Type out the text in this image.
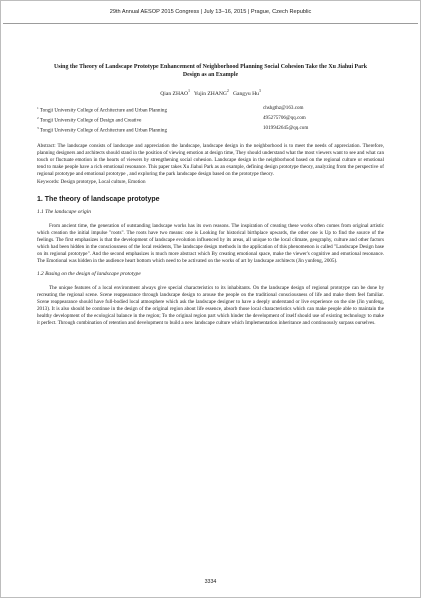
29th Annual AESOP 2015 Congress | July 13–16, 2015 | Prague, Czech Republic
Using the Theory of Landscape Prototype Enhancement of Neighborhood Planning Social Cohesion Take the Xu Jiahui Park Design as an Example
Qian ZHAO$^1$ Yujin ZHANG$^2$ Gangyu Hu$^3$
$^1$ Tongji University College of Architecture and Urban Planning	chshgthz@163.com
$^2$ Tongji University College of Design and Creative	495275706@qq.com
$^3$ Tongji University College of Architecture and Urban Planning	1019942645@qq.com
Abstract: The landscape consists of landscape and appreciation the landscape, landscape design in the neighborhood is to meet the needs of appreciation. Therefore, planning designers and architects should stand in the position of viewing emotion at design time, They should understand what the most viewers want to see and what can touch or fluctuate emotion in the hearts of viewers by strengthening social cohesion. Landscape design in the neighborhood based on the regional culture or emotional tend to make people have a rich emotional resonance. This paper takes Xu Jiahui Park as an example, defining design prototype theory, analyzing from the perspective of regional prototype and emotional prototype , and exploring the park landscape design based on the prototype theory.
Keywords: Design prototype, Local culture, Emotion
1. The theory of landscape prototype
1.1 The landscape origin

From ancient time, the generation of outstanding landscape works has its own reasons. The inspiration of creating these works often comes from original artistic which creation the initial impulse "roots". The roots have two means: one is Looking for historical birthplace upwards, the other one is Up to find the source of the feelings. The first emphasizes is that the development of landscape evolution influenced by its areas, all unique to the local climate, geography, culture and other factors which had been hidden in the consciousness of the local residents, The landscape design methods in the application of this phenomenon is called "Landscape Design base on its regional prototype". And the second emphasizes is much more abstract which By creating emotional space, make the viewer's cognitive and emotional resonance. The Emotional was hidden in the audience heart bottom which need to be activated on the works of art by landscape architects (Jin yunfeng, 2005).

1.2 Basing on the design of landscape prototype

The unique features of a local environment always give special characteristics to its inhabitants. On the landscape design of regional prototype can be done by recreating the regional scene. Scene reappearance through landscape design to arouse the people on the traditional consciousness of life and make them feel familiar. Scene reappearance should have full-bodied local atmosphere which ask the landscape designer to have a deeply understand or live experience on the site (Jin yunfeng, 2013). It is also should be continue in the design of the original region about life essence, absorb those local characteristics which can make people able to maintain the healthy development of the ecological balance in the region; To the original region part which hinder the development of itself should use of existing technology to make it perfect. Through combination of retention and development to build a new landscape culture which Implementation inheritance and continuously surpass ourselves.

3334
